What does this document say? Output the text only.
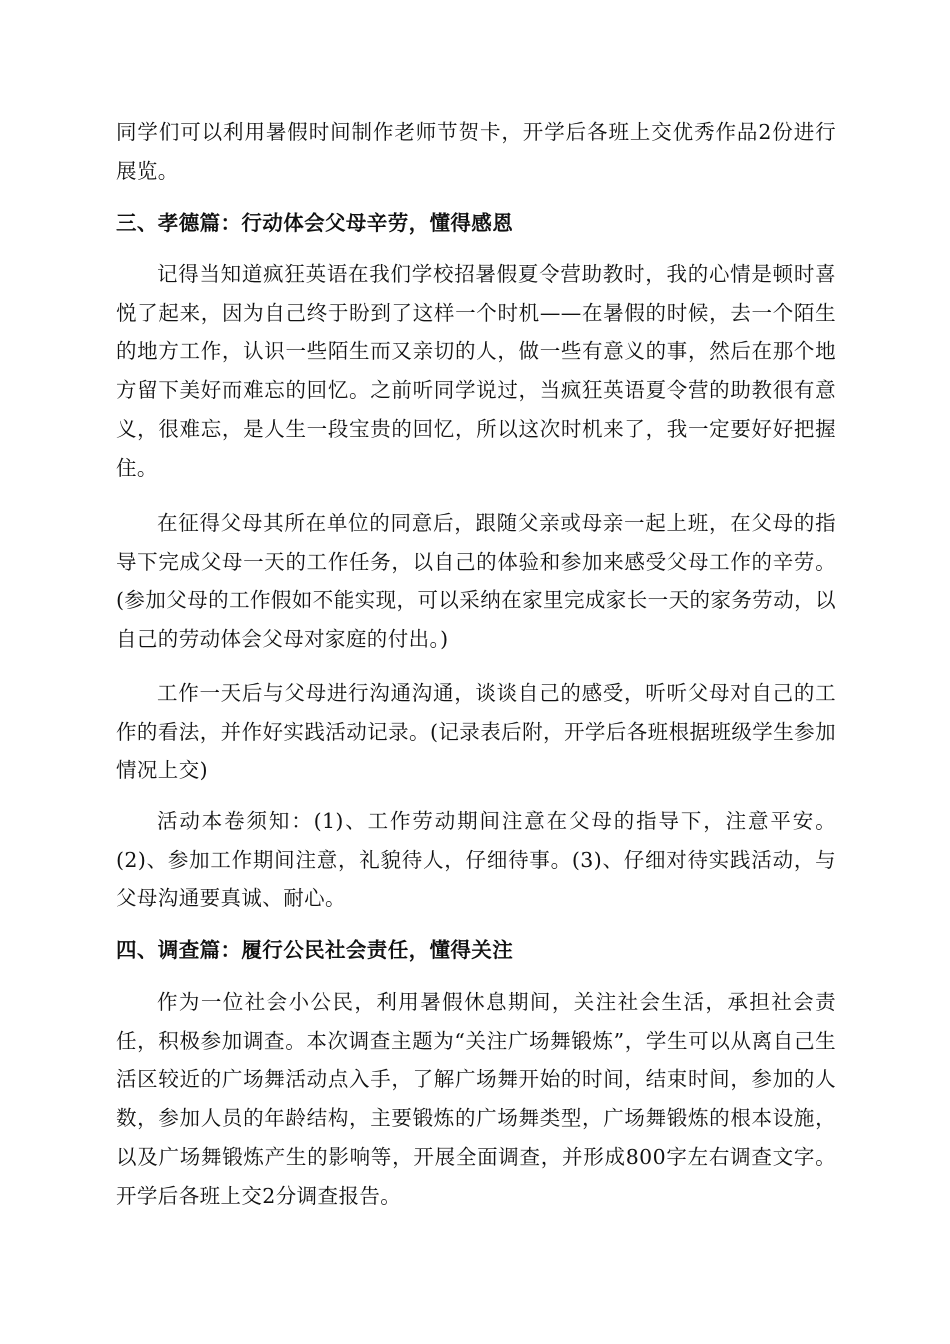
同学们可以利用暑假时间制作老师节贺卡，开学后各班上交优秀作品2份进行展览。

三、孝德篇：行动体会父母辛劳，懂得感恩

记得当知道疯狂英语在我们学校招暑假夏令营助教时，我的心情是顿时喜悦了起来，因为自己终于盼到了这样一个时机——在暑假的时候，去一个陌生的地方工作，认识一些陌生而又亲切的人，做一些有意义的事，然后在那个地方留下美好而难忘的回忆。之前听同学说过，当疯狂英语夏令营的助教很有意义，很难忘，是人生一段宝贵的回忆，所以这次时机来了，我一定要好好把握住。

在征得父母其所在单位的同意后，跟随父亲或母亲一起上班，在父母的指导下完成父母一天的工作任务，以自己的体验和参加来感受父母工作的辛劳。(参加父母的工作假如不能实现，可以采纳在家里完成家长一天的家务劳动，以自己的劳动体会父母对家庭的付出。)

工作一天后与父母进行沟通沟通，谈谈自己的感受，听听父母对自己的工作的看法，并作好实践活动记录。(记录表后附，开学后各班根据班级学生参加情况上交)

活动本卷须知：(1)、工作劳动期间注意在父母的指导下，注意平安。(2)、参加工作期间注意，礼貌待人，仔细待事。(3)、仔细对待实践活动，与父母沟通要真诚、耐心。

四、调查篇：履行公民社会责任，懂得关注

作为一位社会小公民，利用暑假休息期间，关注社会生活，承担社会责任，积极参加调查。本次调查主题为“关注广场舞锻炼”，学生可以从离自己生活区较近的广场舞活动点入手，了解广场舞开始的时间，结束时间，参加的人数，参加人员的年龄结构，主要锻炼的广场舞类型，广场舞锻炼的根本设施，以及广场舞锻炼产生的影响等，开展全面调查，并形成800字左右调查文字。开学后各班上交2分调查报告。
